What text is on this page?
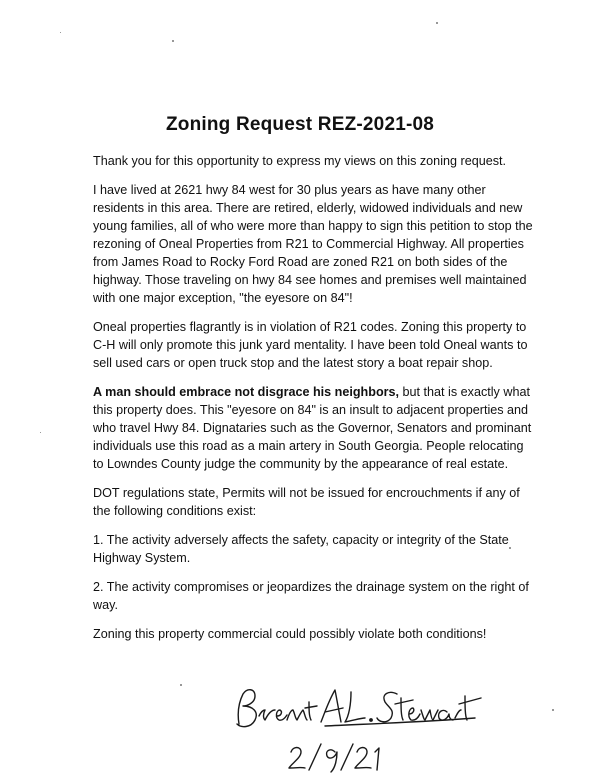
Zoning Request REZ-2021-08

Thank you for this opportunity to express my views on this zoning request.

I have lived at 2621 hwy 84 west for 30 plus years as have many other residents in this area. There are retired, elderly, widowed individuals and new young families, all of who were more than happy to sign this petition to stop the rezoning of Oneal Properties from R21 to Commercial Highway. All properties from James Road to Rocky Ford Road are zoned R21 on both sides of the highway. Those traveling on hwy 84 see homes and premises well maintained with one major exception, "the eyesore on 84"!

Oneal properties flagrantly is in violation of R21 codes. Zoning this property to C-H will only promote this junk yard mentality. I have been told Oneal wants to sell used cars or open truck stop and the latest story a boat repair shop.

A man should embrace not disgrace his neighbors, but that is exactly what this property does. This "eyesore on 84" is an insult to adjacent properties and who travel Hwy 84. Dignataries such as the Governor, Senators and prominant individuals use this road as a main artery in South Georgia. People relocating to Lowndes County judge the community by the appearance of real estate.

DOT regulations state, Permits will not be issued for encrouchments if any of the following conditions exist:

1. The activity adversely affects the safety, capacity or integrity of the State Highway System.

2. The activity compromises or jeopardizes the drainage system on the right of way.

Zoning this property commercial could possibly violate both conditions!
